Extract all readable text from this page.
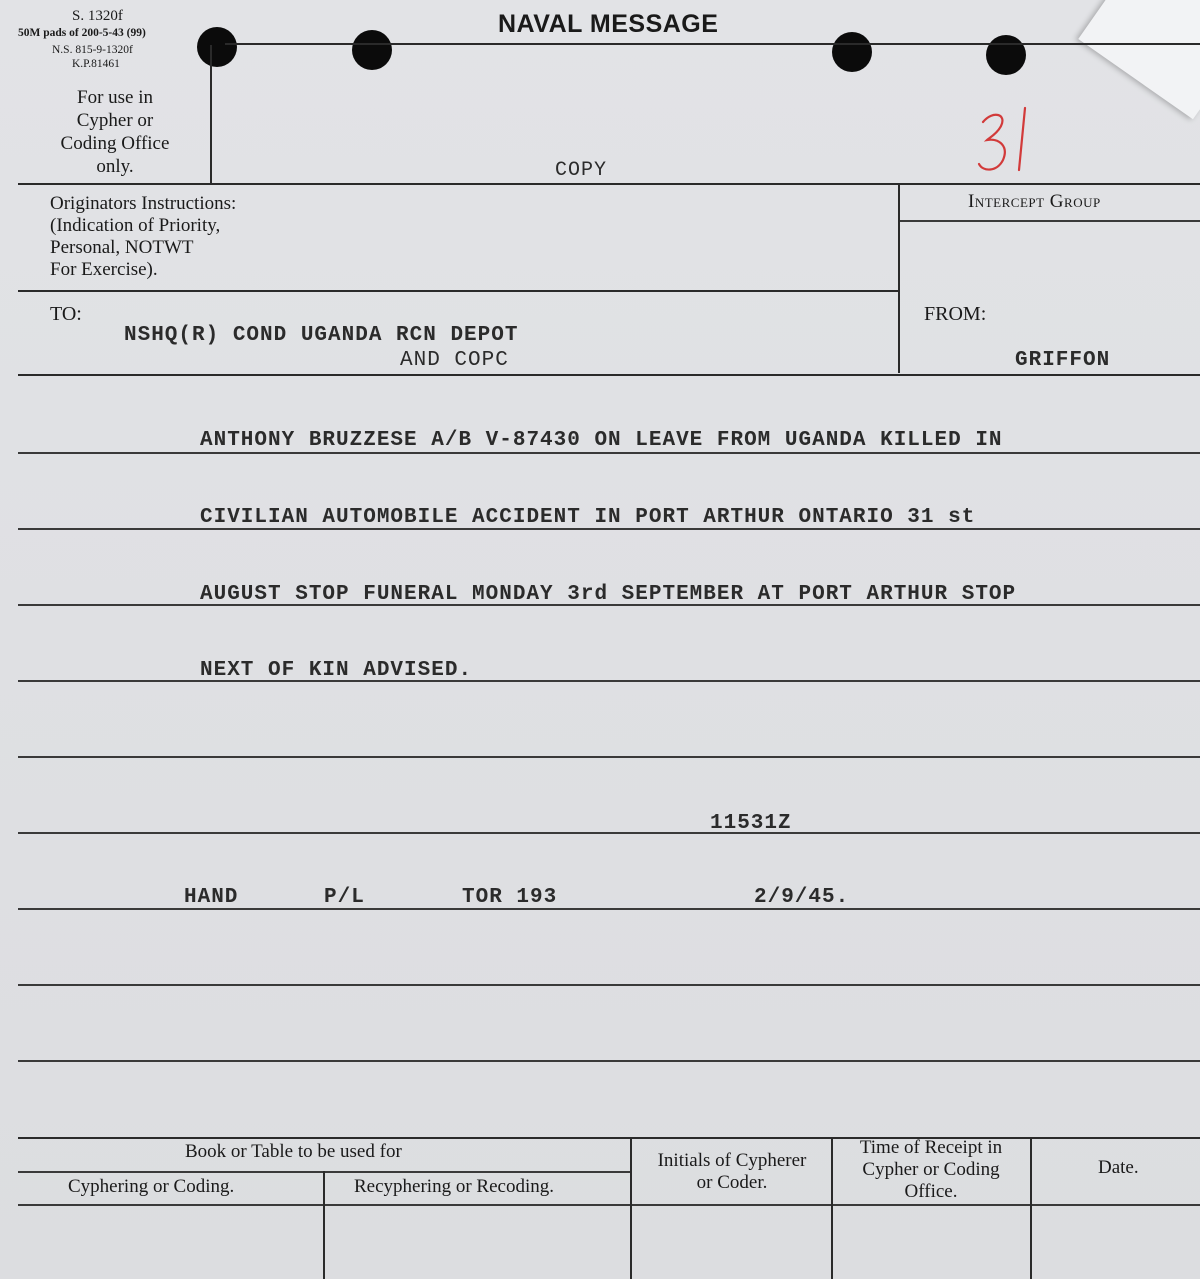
S. 1320f
50M pads of 200-5-43 (99)
N.S. 815-9-1320f
K.P.81461
For use in
Cypher or
Coding Office
only.
NAVAL MESSAGE
COPY
Originators Instructions:
(Indication of Priority,
Personal, NOTWT
For Exercise).
Intercept Group
TO:
NSHQ(R) COND UGANDA RCN DEPOT
AND COPC
FROM:
GRIFFON
ANTHONY BRUZZESE A/B V-87430 ON LEAVE FROM UGANDA KILLED IN
CIVILIAN AUTOMOBILE ACCIDENT IN PORT ARTHUR ONTARIO 31 st
AUGUST STOP FUNERAL MONDAY 3rd SEPTEMBER AT PORT ARTHUR STOP
NEXT OF KIN ADVISED.
11531Z
HAND	P/L	TOR 193	2/9/45.
Book or Table to be used for
Cyphering or Coding.	Recyphering or Recoding.
Initials of Cypherer
or Coder.
Time of Receipt in
Cypher or Coding
Office.
Date.
